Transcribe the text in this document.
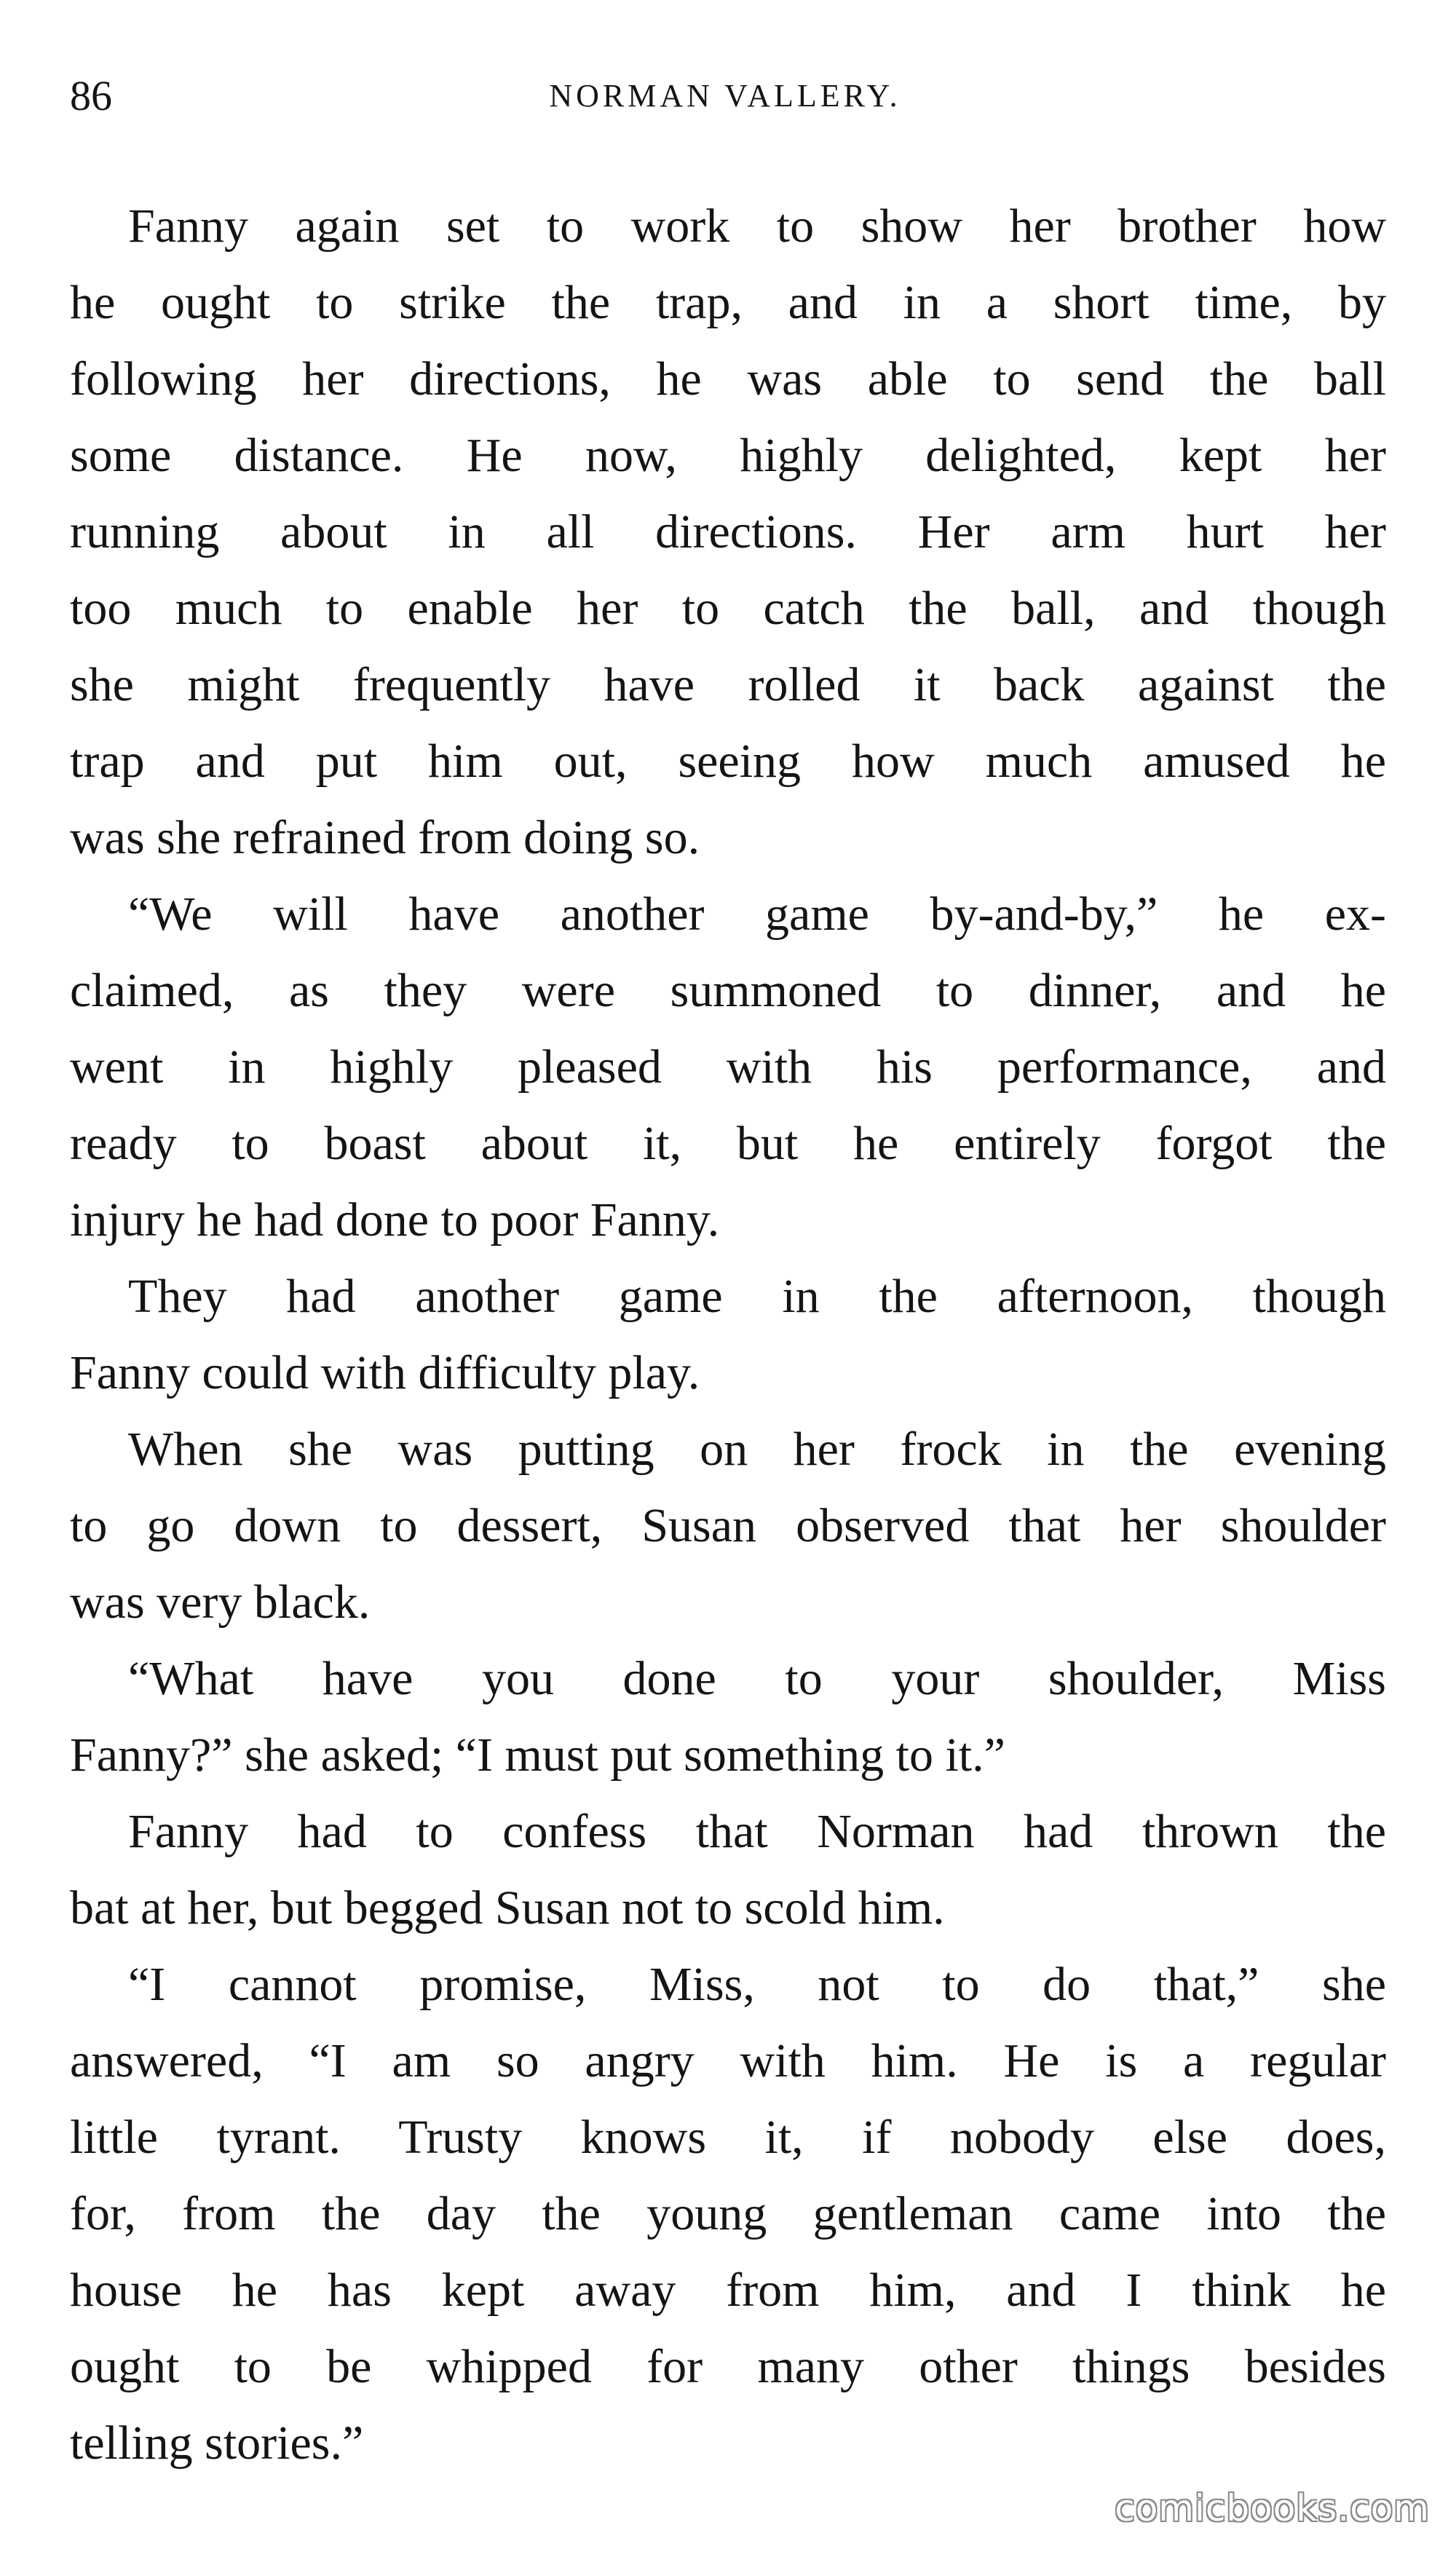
86	NORMAN VALLERY.
Fanny again set to work to show her brother how
he ought to strike the trap, and in a short time, by
following her directions, he was able to send the ball
some distance. He now, highly delighted, kept her
running about in all directions. Her arm hurt her
too much to enable her to catch the ball, and though
she might frequently have rolled it back against the
trap and put him out, seeing how much amused he
was she refrained from doing so.
“We will have another game by-and-by,” he ex-
claimed, as they were summoned to dinner, and he
went in highly pleased with his performance, and
ready to boast about it, but he entirely forgot the
injury he had done to poor Fanny.
They had another game in the afternoon, though
Fanny could with difficulty play.
When she was putting on her frock in the evening
to go down to dessert, Susan observed that her shoulder
was very black.
“What have you done to your shoulder, Miss
Fanny?” she asked; “I must put something to it.”
Fanny had to confess that Norman had thrown the
bat at her, but begged Susan not to scold him.
“I cannot promise, Miss, not to do that,” she
answered, “I am so angry with him. He is a regular
little tyrant. Trusty knows it, if nobody else does,
for, from the day the young gentleman came into the
house he has kept away from him, and I think he
ought to be whipped for many other things besides
telling stories.”
comicbooks.com
